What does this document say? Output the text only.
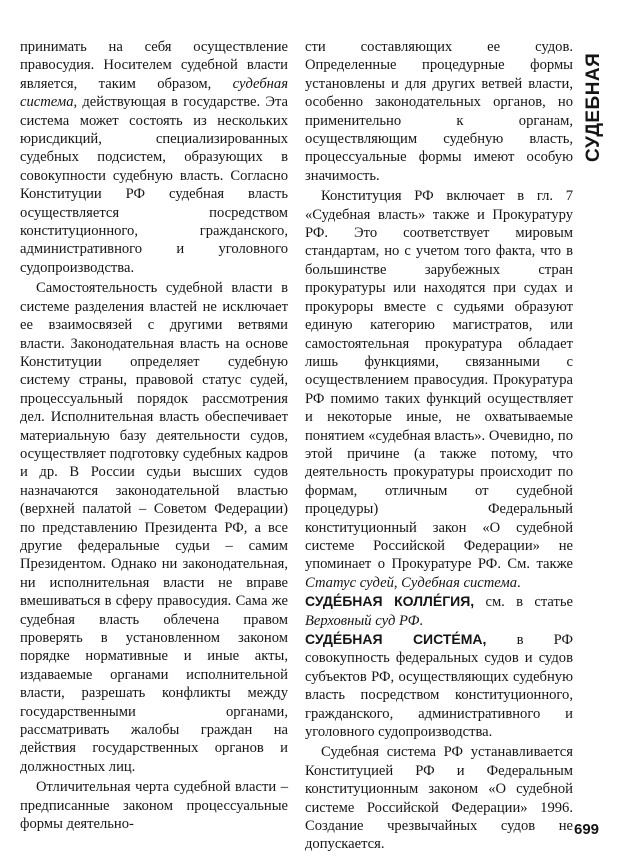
СУДЕБНАЯ

принимать на себя осуществление правосудия. Носителем судебной власти является, таким образом, судебная система, действующая в государстве. Эта система может состоять из нескольких юрисдикций, специализированных судебных подсистем, образующих в совокупности судебную власть. Согласно Конституции РФ судебная власть осуществляется посредством конституционного, гражданского, административного и уголовного судопроизводства.

Самостоятельность судебной власти в системе разделения властей не исключает ее взаимосвязей с другими ветвями власти. Законодательная власть на основе Конституции определяет судебную систему страны, правовой статус судей, процессуальный порядок рассмотрения дел. Исполнительная власть обеспечивает материальную базу деятельности судов, осуществляет подготовку судебных кадров и др. В России судьи высших судов назначаются законодательной властью (верхней палатой – Советом Федерации) по представлению Президента РФ, а все другие федеральные судьи – самим Президентом. Однако ни законодательная, ни исполнительная власти не вправе вмешиваться в сферу правосудия. Сама же судебная власть облечена правом проверять в установленном законом порядке нормативные и иные акты, издаваемые органами исполнительной власти, разрешать конфликты между государственными органами, рассматривать жалобы граждан на действия государственных органов и должностных лиц.

Отличительная черта судебной власти – предписанные законом процессуальные формы деятельно-

сти составляющих ее судов. Определенные процедурные формы установлены и для других ветвей власти, особенно законодательных органов, но применительно к органам, осуществляющим судебную власть, процессуальные формы имеют особую значимость.

Конституция РФ включает в гл. 7 «Судебная власть» также и Прокуратуру РФ. Это соответствует мировым стандартам, но с учетом того факта, что в большинстве зарубежных стран прокуратуры или находятся при судах и прокуроры вместе с судьями образуют единую категорию магистратов, или самостоятельная прокуратура обладает лишь функциями, связанными с осуществлением правосудия. Прокуратура РФ помимо таких функций осуществляет и некоторые иные, не охватываемые понятием «судебная власть». Очевидно, по этой причине (а также потому, что деятельность прокуратуры происходит по формам, отличным от судебной процедуры) Федеральный конституционный закон «О судебной системе Российской Федерации» не упоминает о Прокуратуре РФ. См. также Статус судей, Судебная система.

СУДЕ́БНАЯ КОЛЛЕ́ГИЯ, см. в статье Верховный суд РФ.

СУДЕ́БНАЯ СИСТЕ́МА, в РФ совокупность федеральных судов и судов субъектов РФ, осуществляющих судебную власть посредством конституционного, гражданского, административного и уголовного судопроизводства.

Судебная система РФ устанавливается Конституцией РФ и Федеральным конституционным законом «О судебной системе Российской Федерации» 1996. Создание чрезвычайных судов не допускается.

699
